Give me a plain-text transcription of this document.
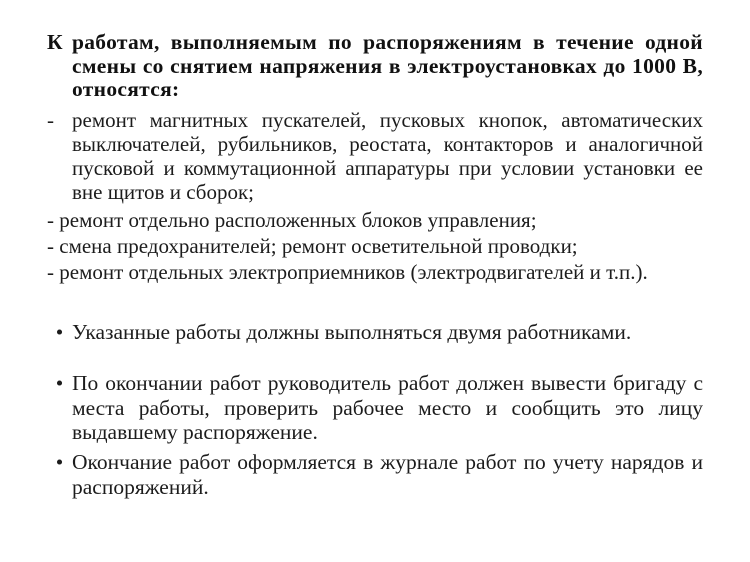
К работам, выполняемым по распоряжениям в течение одной смены со снятием напряжения в электроустановках до 1000 В, относятся:
- ремонт магнитных пускателей, пусковых кнопок, автоматических выключателей, рубильников, реостата, контакторов и аналогичной пусковой и коммутационной аппаратуры при условии установки ее вне щитов и сборок;
- ремонт отдельно расположенных блоков управления;
- смена предохранителей; ремонт осветительной проводки;
- ремонт отдельных электроприемников (электродвигателей и т.п.).
• Указанные работы должны выполняться двумя работниками.
• По окончании работ руководитель работ должен вывести бригаду с места работы, проверить рабочее место и сообщить это лицу выдавшему распоряжение.
• Окончание работ оформляется в журнале работ по учету нарядов и распоряжений.
